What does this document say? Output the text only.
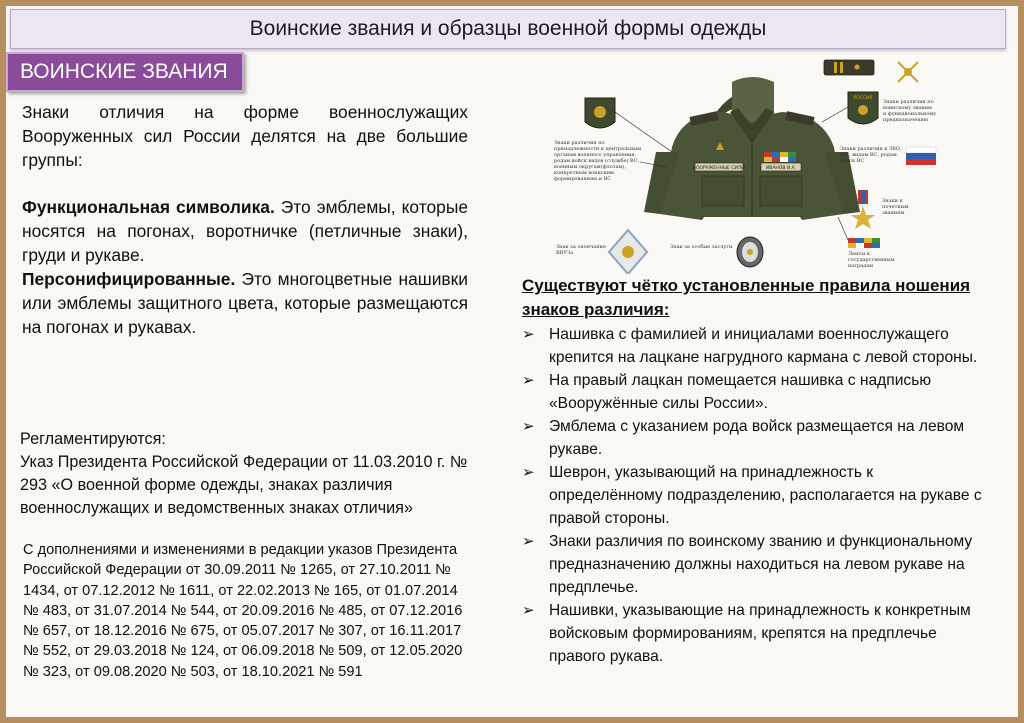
Воинские звания и образцы военной формы одежды
ВОИНСКИЕ ЗВАНИЯ

Знаки отличия на форме военнослужащих Вооруженных сил России делятся на две большие группы:

Функциональная символика. Это эмблемы, которые носятся на погонах, воротничке (петличные знаки), груди и рукаве.

Персонифицированные. Это многоцветные нашивки или эмблемы защитного цвета, которые размещаются на погонах и рукавах.

Регламентируются:

Указ Президента Российской Федерации от 11.03.2010 г. № 293 «О военной форме одежды, знаках различия военнослужащих и ведомственных знаках отличия»

С дополнениями и изменениями в редакции указов Президента Российской Федерации от 30.09.2011 № 1265, от 27.10.2011 № 1434, от 07.12.2012 № 1611, от 22.02.2013 № 165, от 01.07.2014 № 483, от 31.07.2014 № 544, от 20.09.2016 № 485, от 07.12.2016 № 657, от 18.12.2016 № 675, от 05.07.2017 № 307, от 16.11.2017 № 552, от 29.03.2018 № 124, от 06.09.2018 № 509, от 12.05.2020 № 323, от 09.08.2020 № 503, от 18.10.2021 № 591
ВООРУЖЕННЫЕ СИЛЫ	ИВАНОВ И.А.
Знаки различия по
принадлежности к центральным
органам военного управления,
родам войск видов (службе) ВС,
военным округам(флотам),
конкретным воинским
формированиям и ВС
РОССИЯ
Знаки различия по
воинскому званию
и функциональному
предназначению
Знаки различия к ЗВО,
ГШ, видам ВС, родам
войск ВС
Знаки к
почетным
званиям
Ленты к
государственным
наградам
Знак за окончание
ВВУЗа
Знак за особые заслуги
Существуют чётко установленные правила ношения знаков различия:
➢ Нашивка с фамилией и инициалами военнослужащего крепится на лацкане нагрудного кармана с левой стороны.
➢ На правый лацкан помещается нашивка с надписью «Вооружённые силы России».
➢ Эмблема с указанием рода войск размещается на левом рукаве.
➢ Шеврон, указывающий на принадлежность к определённому подразделению, располагается на рукаве с правой стороны.
➢ Знаки различия по воинскому званию и функциональному предназначению должны находиться на левом рукаве на предплечье.
➢ Нашивки, указывающие на принадлежность к конкретным войсковым формированиям, крепятся на предплечье правого рукава.
